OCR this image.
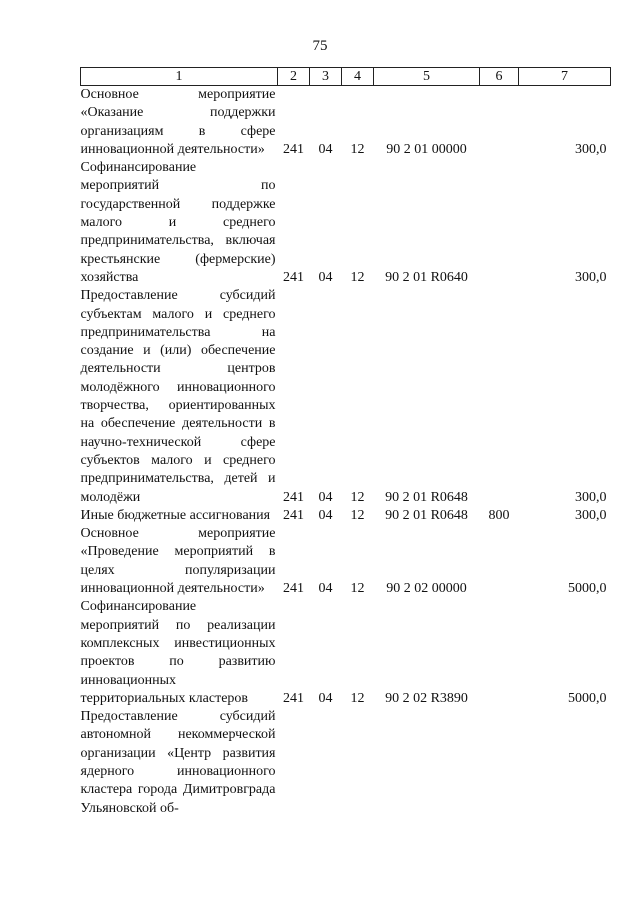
75
1	2	3	4	5	6	7
Основное мероприятие «Оказание поддержки организациям в сфере инновационной деятельности»	241	04	12	90 2 01 00000		300,0
Софинансирование мероприятий по государственной поддержке малого и среднего предпринимательства, включая крестьянские (фермерские) хозяйства	241	04	12	90 2 01 R0640		300,0
Предоставление субсидий субъектам малого и среднего предпринимательства на создание и (или) обеспечение деятельности центров молодёжного инновационного творчества, ориентированных на обеспечение деятельности в научно-технической сфере субъектов малого и среднего предпринимательства, детей и молодёжи	241	04	12	90 2 01 R0648		300,0
Иные бюджетные ассигнования	241	04	12	90 2 01 R0648	800	300,0
Основное мероприятие «Проведение мероприятий в целях популяризации инновационной деятельности»	241	04	12	90 2 02 00000		5000,0
Софинансирование мероприятий по реализации комплексных инвестиционных проектов по развитию инновационных территориальных кластеров	241	04	12	90 2 02 R3890		5000,0
Предоставление субсидий автономной некоммерческой организации «Центр развития ядерного инновационного кластера города Димитровграда Ульяновской об-						
